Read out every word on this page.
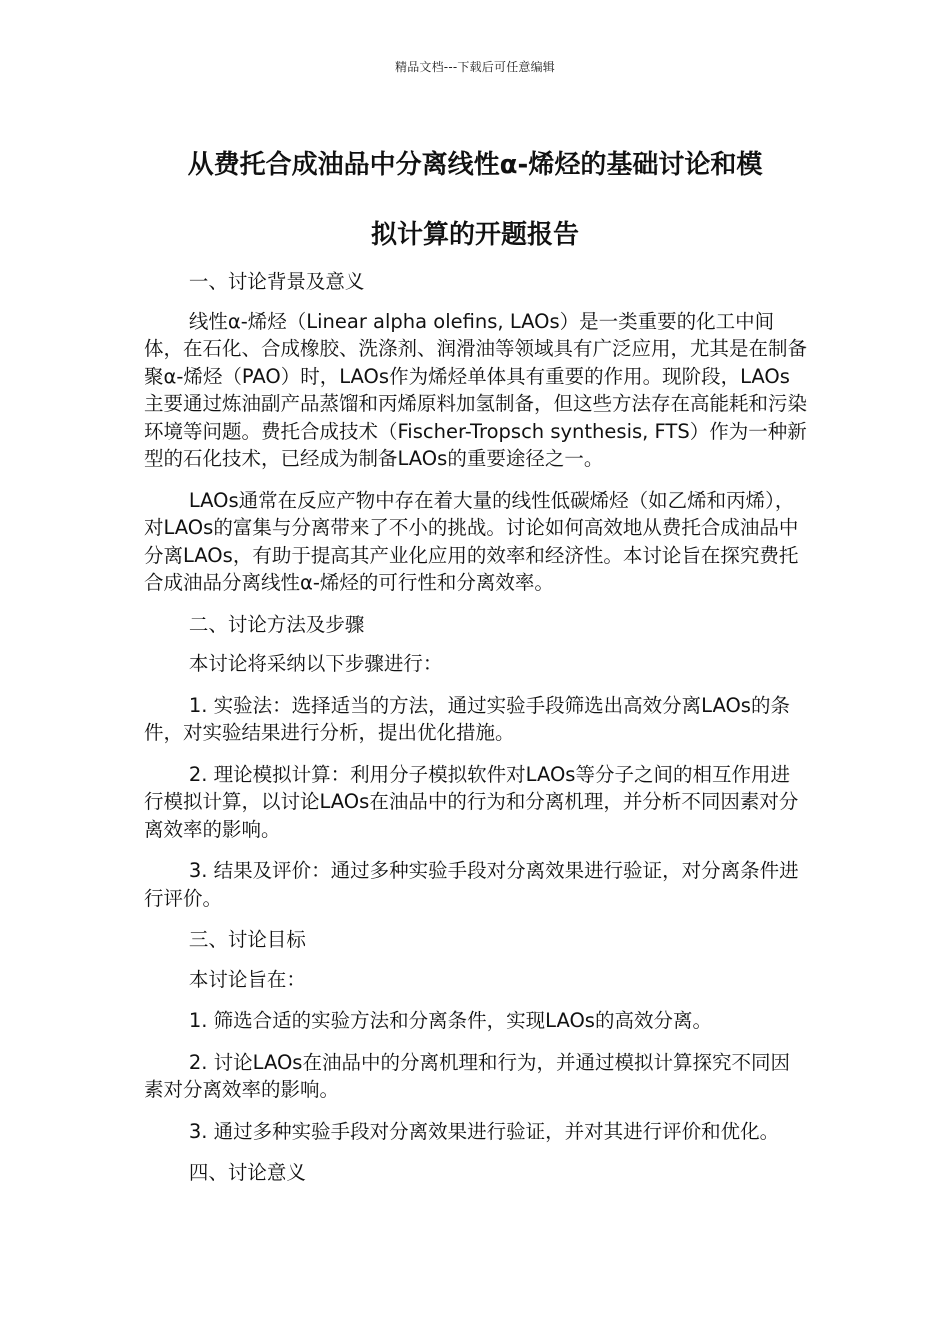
精品文档---下载后可任意编辑
从费托合成油品中分离线性α-烯烃的基础讨论和模
拟计算的开题报告

一、讨论背景及意义

线性α-烯烃（Linear alpha olefins, LAOs）是一类重要的化工中间体，在石化、合成橡胶、洗涤剂、润滑油等领域具有广泛应用，尤其是在制备聚α-烯烃（PAO）时，LAOs作为烯烃单体具有重要的作用。现阶段，LAOs主要通过炼油副产品蒸馏和丙烯原料加氢制备，但这些方法存在高能耗和污染环境等问题。费托合成技术（Fischer-Tropsch synthesis, FTS）作为一种新型的石化技术，已经成为制备LAOs的重要途径之一。

LAOs通常在反应产物中存在着大量的线性低碳烯烃（如乙烯和丙烯），对LAOs的富集与分离带来了不小的挑战。讨论如何高效地从费托合成油品中分离LAOs，有助于提高其产业化应用的效率和经济性。本讨论旨在探究费托合成油品分离线性α-烯烃的可行性和分离效率。

二、讨论方法及步骤

本讨论将采纳以下步骤进行：

1. 实验法：选择适当的方法，通过实验手段筛选出高效分离LAOs的条件，对实验结果进行分析，提出优化措施。

2. 理论模拟计算：利用分子模拟软件对LAOs等分子之间的相互作用进行模拟计算，以讨论LAOs在油品中的行为和分离机理，并分析不同因素对分离效率的影响。

3. 结果及评价：通过多种实验手段对分离效果进行验证，对分离条件进行评价。

三、讨论目标

本讨论旨在：

1. 筛选合适的实验方法和分离条件，实现LAOs的高效分离。

2. 讨论LAOs在油品中的分离机理和行为，并通过模拟计算探究不同因素对分离效率的影响。

3. 通过多种实验手段对分离效果进行验证，并对其进行评价和优化。

四、讨论意义
